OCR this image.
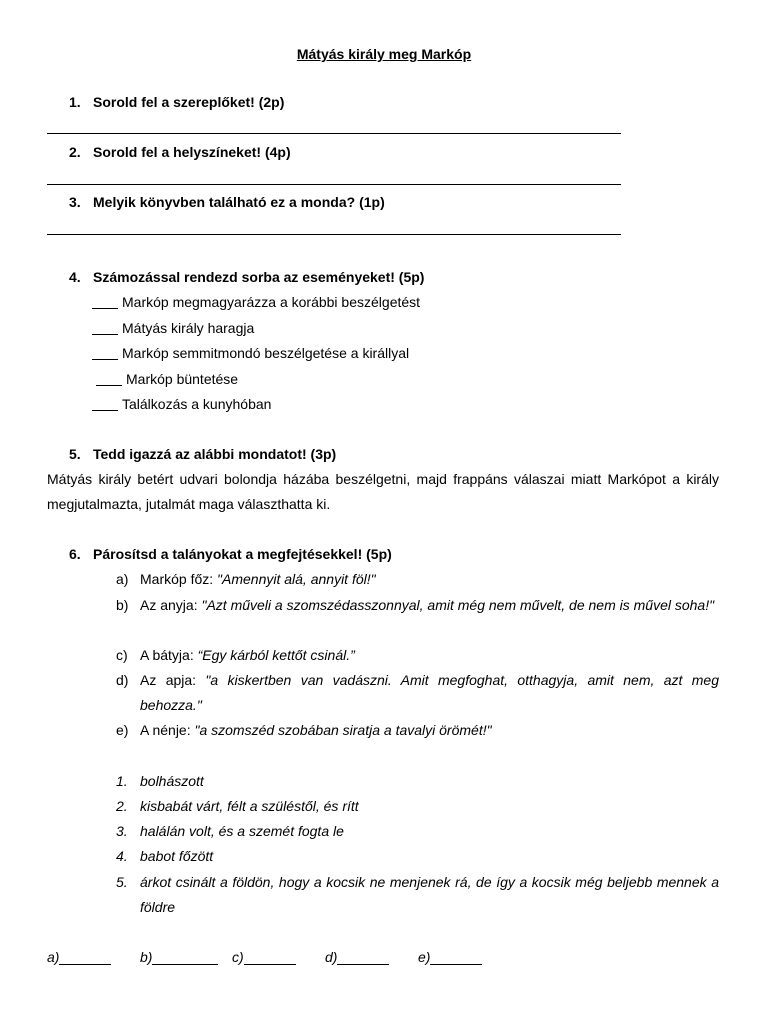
Mátyás király meg Markóp
1. Sorold fel a szereplőket! (2p)
2. Sorold fel a helyszíneket! (4p)
3. Melyik könyvben található ez a monda? (1p)
4. Számozással rendezd sorba az eseményeket! (5p)
Markóp megmagyarázza a korábbi beszélgetést
Mátyás király haragja
Markóp semmitmondó beszélgetése a királlyal
Markóp büntetése
Találkozás a kunyhóban
5. Tedd igazzá az alábbi mondatot! (3p)
Mátyás király betért udvari bolondja házába beszélgetni, majd frappáns válaszai miatt Markópot a király megjutalmazta, jutalmát maga választhatta ki.
6. Párosítsd a talányokat a megfejtésekkel! (5p)
a) Markóp főz: "Amennyit alá, annyit föl!"
b) Az anyja: "Azt műveli a szomszédasszonnyal, amit még nem művelt, de nem is művel soha!"
c) A bátyja: “Egy kárból kettőt csinál.”
d) Az apja: "a kiskertben van vadászni. Amit megfoghat, otthagyja, amit nem, azt meg behozza."
e) A nénje: "a szomszéd szobában siratja a tavalyi örömét!"
1. bolhászott
2. kisbabát várt, félt a szüléstől, és rítt
3. halálán volt, és a szemét fogta le
4. babot főzött
5. árkot csinált a földön, hogy a kocsik ne menjenek rá, de így a kocsik még beljebb mennek a földre
a)	b)	c)	d)	e)
